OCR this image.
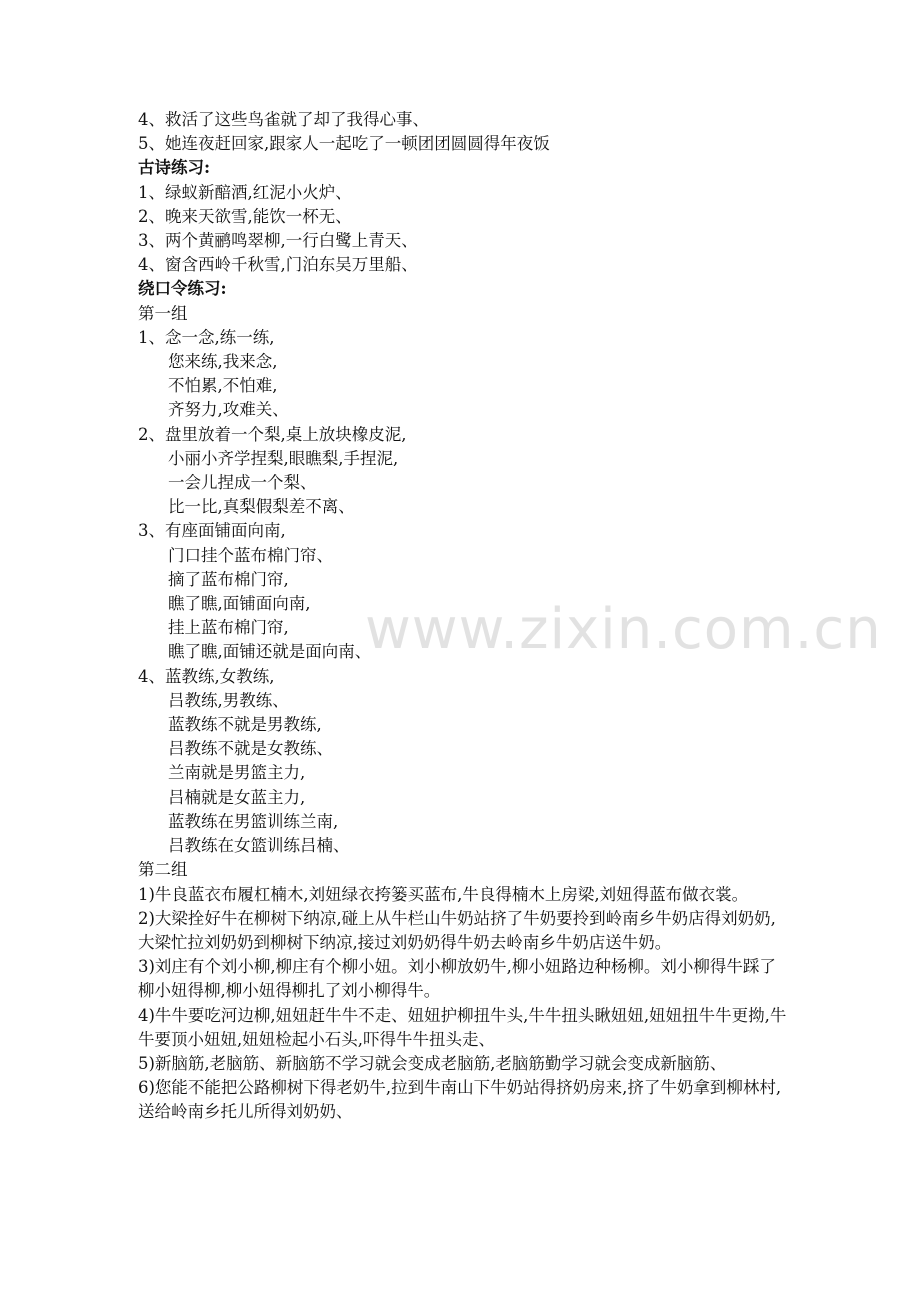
4、救活了这些鸟雀就了却了我得心事、
5、她连夜赶回家,跟家人一起吃了一顿团团圆圆得年夜饭
古诗练习:
1、绿蚁新醅酒,红泥小火炉、
2、晚来天欲雪,能饮一杯无、
3、两个黄鹂鸣翠柳,一行白鹭上青天、
4、窗含西岭千秋雪,门泊东吴万里船、
绕口令练习:
第一组
1、念一念,练一练,
您来练,我来念,
不怕累,不怕难,
齐努力,攻难关、
2、盘里放着一个梨,桌上放块橡皮泥,
小丽小齐学捏梨,眼瞧梨,手捏泥,
一会儿捏成一个梨、
比一比,真梨假梨差不离、
3、有座面铺面向南,
门口挂个蓝布棉门帘、
摘了蓝布棉门帘,
瞧了瞧,面铺面向南,
挂上蓝布棉门帘,
瞧了瞧,面铺还就是面向南、
4、蓝教练,女教练,
吕教练,男教练、
蓝教练不就是男教练,
吕教练不就是女教练、
兰南就是男篮主力,
吕楠就是女蓝主力,
蓝教练在男篮训练兰南,
吕教练在女篮训练吕楠、
第二组
1)牛良蓝衣布履杠楠木,刘妞绿衣挎篓买蓝布,牛良得楠木上房梁,刘妞得蓝布做衣裳。
2)大梁拴好牛在柳树下纳凉,碰上从牛栏山牛奶站挤了牛奶要拎到岭南乡牛奶店得刘奶奶,大梁忙拉刘奶奶到柳树下纳凉,接过刘奶奶得牛奶去岭南乡牛奶店送牛奶。
3)刘庄有个刘小柳,柳庄有个柳小妞。刘小柳放奶牛,柳小妞路边种杨柳。刘小柳得牛踩了柳小妞得柳,柳小妞得柳扎了刘小柳得牛。
4)牛牛要吃河边柳,妞妞赶牛牛不走、妞妞护柳扭牛头,牛牛扭头瞅妞妞,妞妞扭牛牛更拗,牛牛要顶小妞妞,妞妞检起小石头,吓得牛牛扭头走、
5)新脑筋,老脑筋、新脑筋不学习就会变成老脑筋,老脑筋勤学习就会变成新脑筋、
6)您能不能把公路柳树下得老奶牛,拉到牛南山下牛奶站得挤奶房来,挤了牛奶拿到柳林村,送给岭南乡托儿所得刘奶奶、
www.zixin.com.cn
